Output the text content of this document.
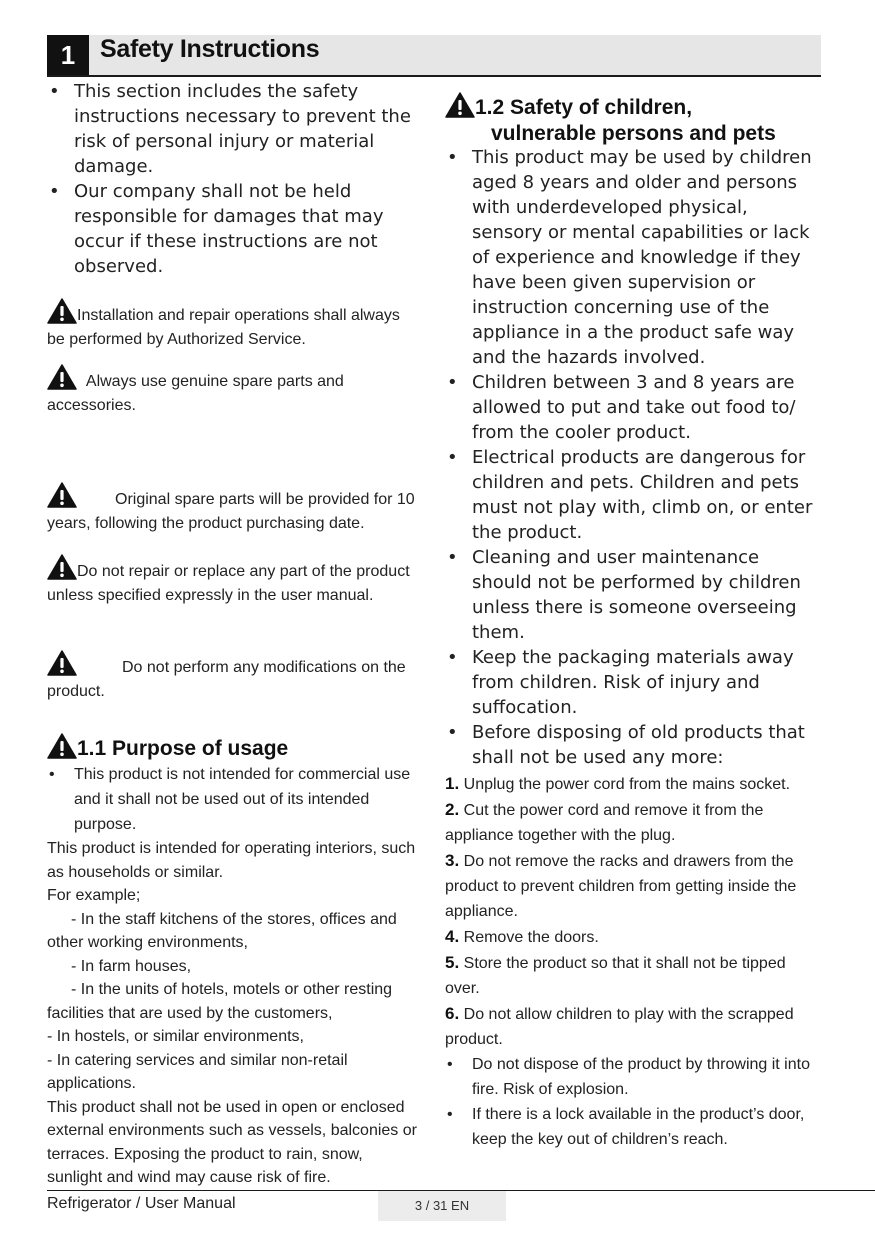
1 Safety Instructions
• This section includes the safety instructions necessary to prevent the risk of personal injury or material damage.
• Our company shall not be held responsible for damages that may occur if these instructions are not observed.
Installation and repair operations shall always be performed by Authorized Service.
Always use genuine spare parts and accessories.
Original spare parts will be provided for 10 years, following the product purchasing date.
Do not repair or replace any part of the product unless specified expressly in the user manual.
Do not perform any modifications on the product.
1.1 Purpose of usage
• This product is not intended for commercial use and it shall not be used out of its intended purpose.
This product is intended for operating interiors, such as households or similar.
For example;
- In the staff kitchens of the stores, offices and other working environments,
- In farm houses,
- In the units of hotels, motels or other resting facilities that are used by the customers,
- In hostels, or similar environments,
- In catering services and similar non-retail applications.
This product shall not be used in open or enclosed external environments such as vessels, balconies or terraces. Exposing the product to rain, snow, sunlight and wind may cause risk of fire.
1.2 Safety of children,
vulnerable persons and pets
• This product may be used by children aged 8 years and older and persons with underdeveloped physical, sensory or mental capabilities or lack of experience and knowledge if they have been given supervision or instruction concerning use of the appliance in a the product safe way and the hazards involved.
• Children between 3 and 8 years are allowed to put and take out food to/ from the cooler product.
• Electrical products are dangerous for children and pets. Children and pets must not play with, climb on, or enter the product.
• Cleaning and user maintenance should not be performed by children unless there is someone overseeing them.
• Keep the packaging materials away from children. Risk of injury and suffocation.
• Before disposing of old products that shall not be used any more:
1. Unplug the power cord from the mains socket.
2. Cut the power cord and remove it from the appliance together with the plug.
3. Do not remove the racks and drawers from the product to prevent children from getting inside the appliance.
4. Remove the doors.
5. Store the product so that it shall not be tipped over.
6. Do not allow children to play with the scrapped product.
• Do not dispose of the product by throwing it into fire. Risk of explosion.
• If there is a lock available in the product’s door, keep the key out of children’s reach.
Refrigerator / User Manual	3 / 31 EN
